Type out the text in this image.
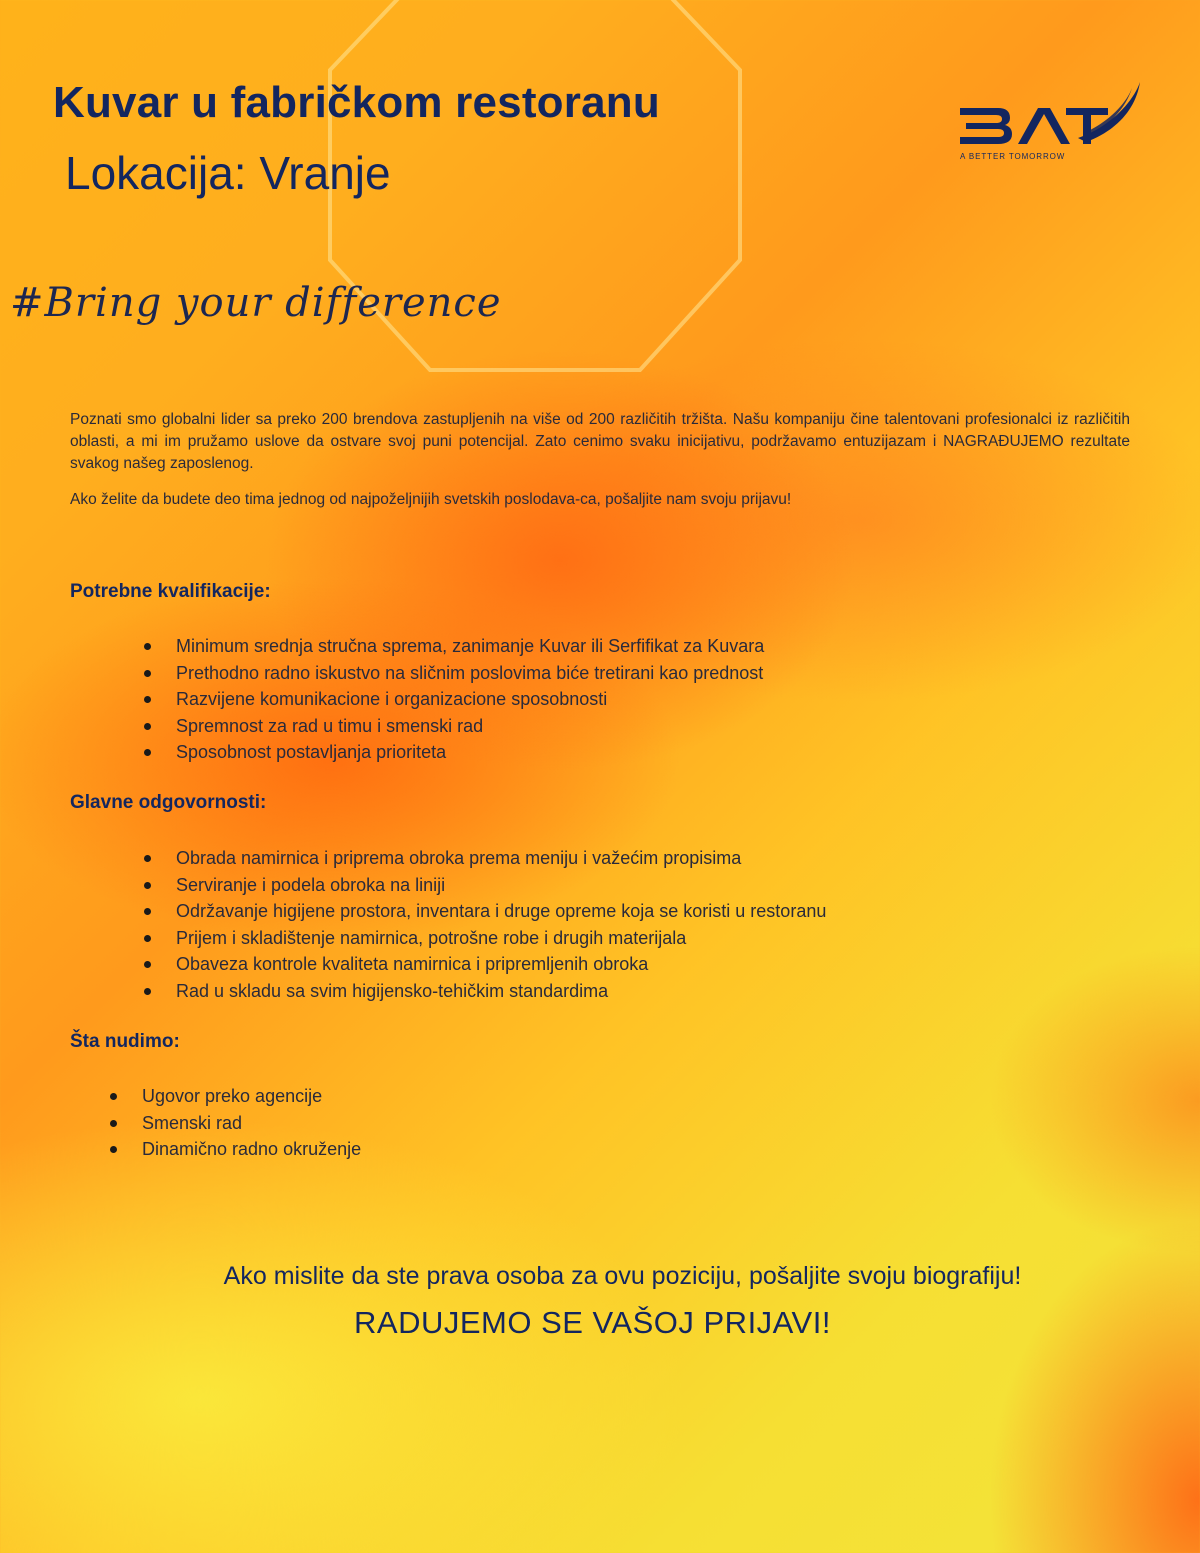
Kuvar u fabričkom restoranu
Lokacija: Vranje
#Bring your difference
A BETTER TOMORROW

Poznati smo globalni lider sa preko 200 brendova zastupljenih na više od 200 različitih tržišta. Našu kompaniju čine talentovani profesionalci iz različitih oblasti, a mi im pružamo uslove da ostvare svoj puni potencijal. Zato cenimo svaku inicijativu, podržavamo entuzijazam i NAGRAĐUJEMO rezultate svakog našeg zaposlenog.

Ako želite da budete deo tima jednog od najpoželjnijih svetskih poslodava-ca, pošaljite nam svoju prijavu!

Potrebne kvalifikacije:
Minimum srednja stručna sprema, zanimanje Kuvar ili Serfifikat za Kuvara
Prethodno radno iskustvo na sličnim poslovima biće tretirani kao prednost
Razvijene komunikacione i organizacione sposobnosti
Spremnost za rad u timu i smenski rad
Sposobnost postavljanja prioriteta
Glavne odgovornosti:
Obrada namirnica i priprema obroka prema meniju i važećim propisima
Serviranje i podela obroka na liniji
Održavanje higijene prostora, inventara i druge opreme koja se koristi u restoranu
Prijem i skladištenje namirnica, potrošne robe i drugih materijala
Obaveza kontrole kvaliteta namirnica i pripremljenih obroka
Rad u skladu sa svim higijensko-tehičkim standardima
Šta nudimo:
Ugovor preko agencije
Smenski rad
Dinamično radno okruženje

Ako mislite da ste prava osoba za ovu poziciju, pošaljite svoju biografiju!

RADUJEMO SE VAŠOJ PRIJAVI!
